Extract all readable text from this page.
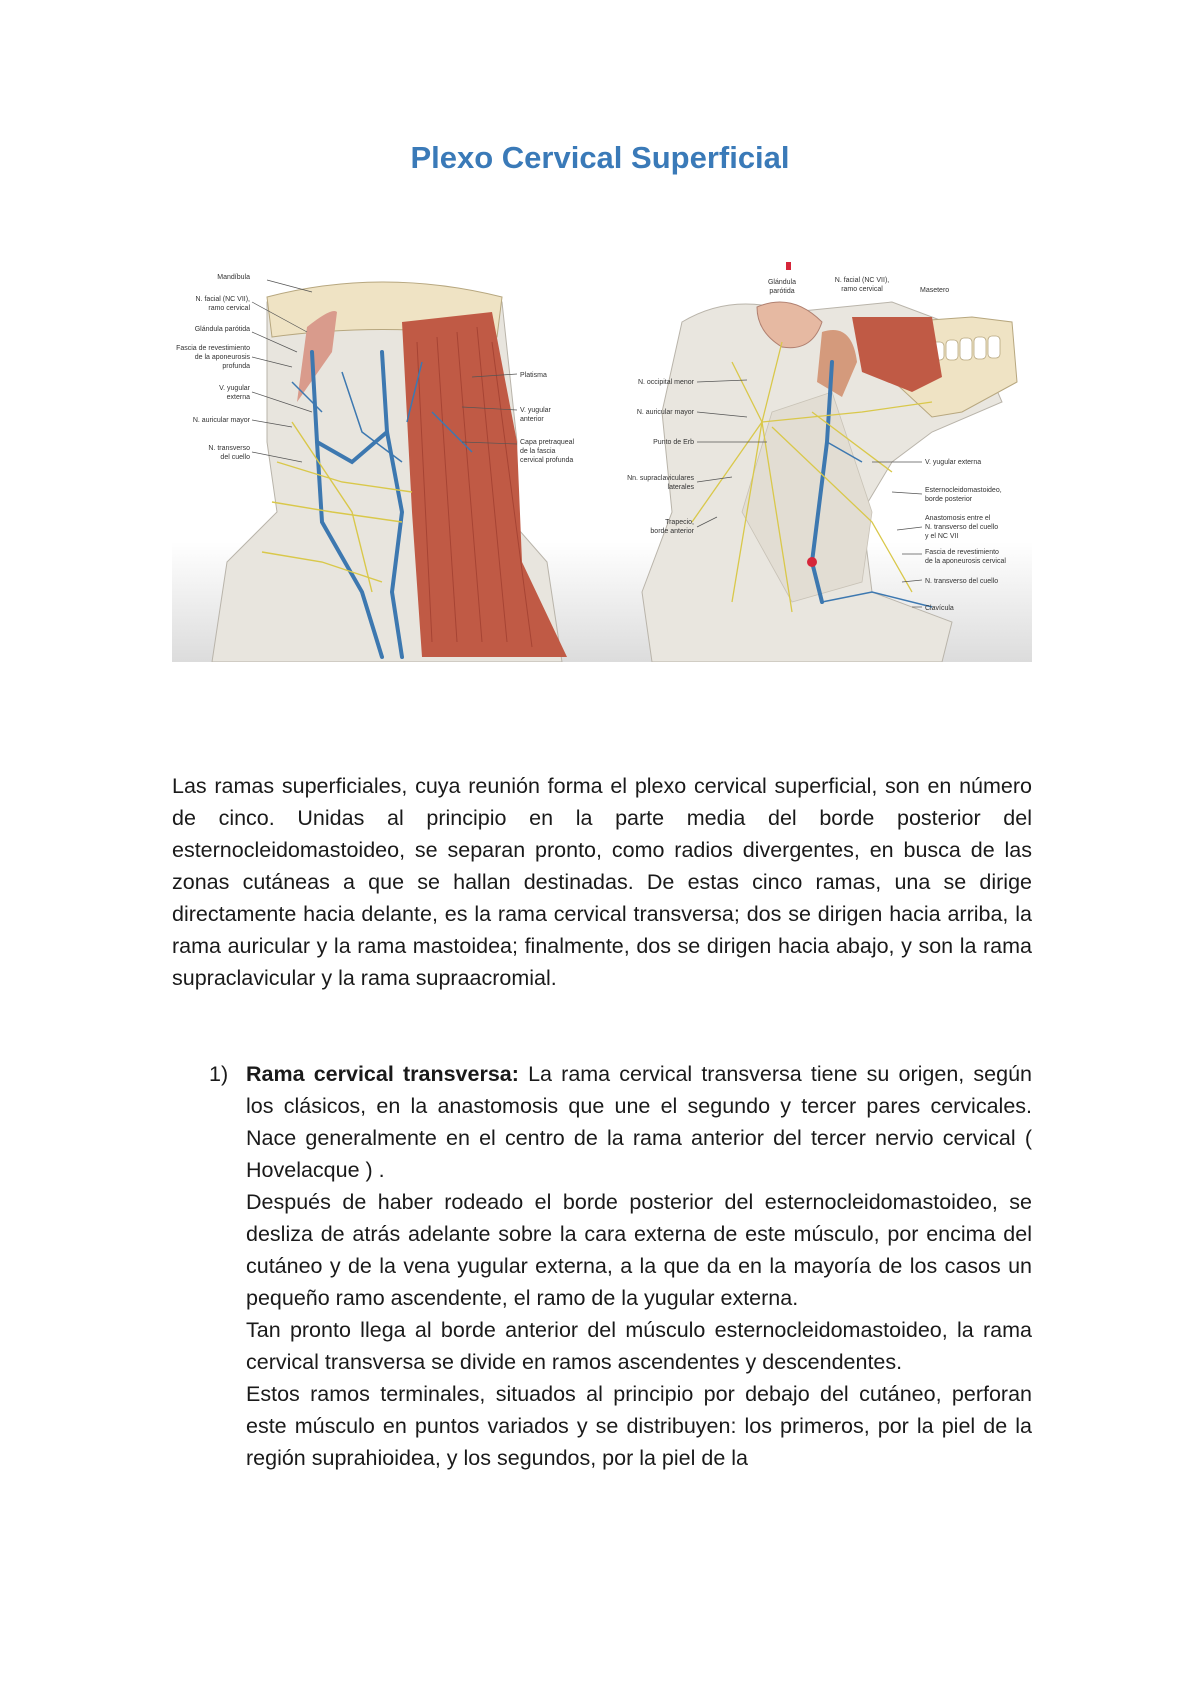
Plexo Cervical Superficial
Mandíbula
N. facial (NC VII),
ramo cervical
Glándula parótida
Fascia de revestimiento
de la aponeurosis
profunda
V. yugular
externa
N. auricular mayor
N. transverso
del cuello
Platisma
V. yugular
anterior
Capa pretraqueal
de la fascia
cervical profunda
Glándula
parótida
N. facial (NC VII),
ramo cervical	Masetero
N. occipital menor
N. auricular mayor
Punto de Erb
Nn. supraclaviculares
laterales
Trapecio,
borde anterior
V. yugular externa
Esternocleidomastoideo,
borde posterior
Anastomosis entre el
N. transverso del cuello
y el NC VII
Fascia de revestimiento
de la aponeurosis cervical
N. transverso del cuello
Clavícula

Las ramas superficiales, cuya reunión forma el plexo cervical superficial, son en número de cinco. Unidas al principio en la parte media del borde posterior del esternocleidomastoideo, se separan pronto, como radios divergentes, en busca de las zonas cutáneas a que se hallan destinadas. De estas cinco ramas, una se dirige directamente hacia delante, es la rama cervical transversa; dos se dirigen hacia arriba, la rama auricular y la rama mastoidea; finalmente, dos se dirigen hacia abajo, y son la rama supraclavicular y la rama supraacromial.

1) Rama cervical transversa: La rama cervical transversa tiene su origen, según los clásicos, en la anastomosis que une el segundo y tercer pares cervicales. Nace generalmente en el centro de la rama anterior del tercer nervio cervical ( Hovelacque ) .

Después de haber rodeado el borde posterior del esternocleidomastoideo, se desliza de atrás adelante sobre la cara externa de este músculo, por encima del cutáneo y de la vena yugular externa, a la que da en la mayoría de los casos un pequeño ramo ascendente, el ramo de la yugular externa.

Tan pronto llega al borde anterior del músculo esternocleidomastoideo, la rama cervical transversa se divide en ramos ascendentes y descendentes.

Estos ramos terminales, situados al principio por debajo del cutáneo, perforan este músculo en puntos variados y se distribuyen: los primeros, por la piel de la región suprahioidea, y los segundos, por la piel de la
